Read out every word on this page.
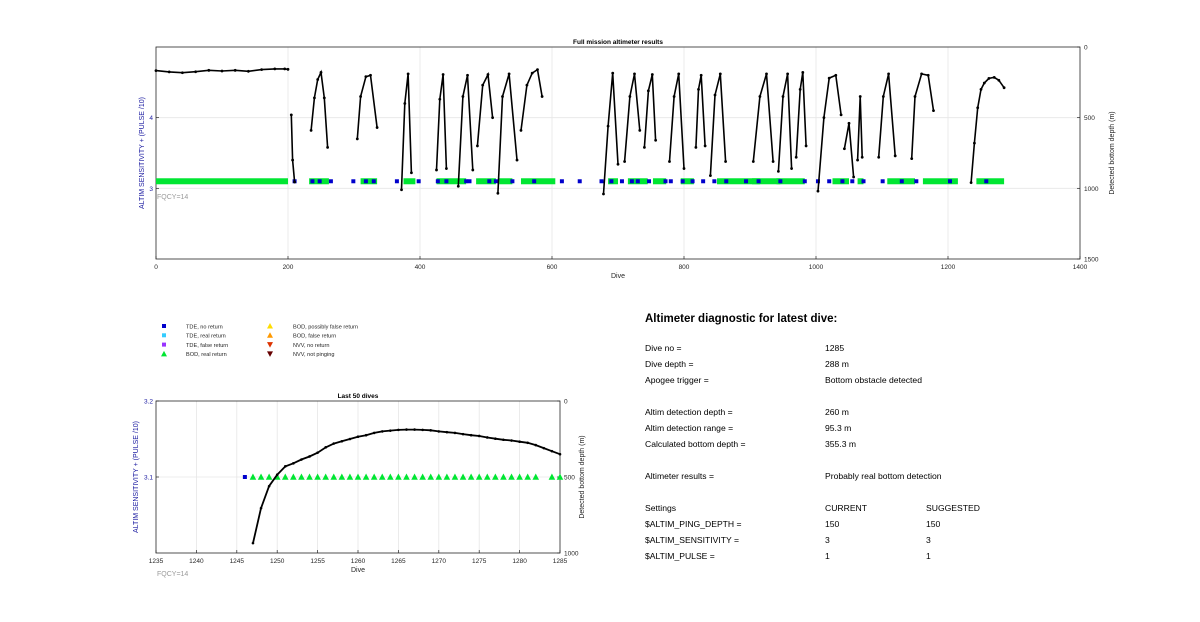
0	200	400	600	800	1000	1200	1400
3
4
0
500
1000
1500
Full mission altimeter results
Dive
ALTIM SENSITIVITY + (PULSE /10)	Detected bottom depth (m)
FQCY=14
TDE, no return
TDE, real return
TDE, false return
BOD, real return
BOD, possibly false return
BOD, false return
NVV, no return
NVV, not pinging
1235	1240	1245	1250	1255	1260	1265	1270	1275	1280	1285
3.1
3.2	0
500
1000
Last 50 dives
Dive
ALTIM SENSITIVITY + (PULSE /10)	Detected bottom depth (m)
FQCY=14
Altimeter diagnostic for latest dive:
Dive no =	1285
Dive depth =	288 m
Apogee trigger =	Bottom obstacle detected
Altim detection depth =	260 m
Altim detection range =	95.3 m
Calculated bottom depth =	355.3 m
Altimeter results =	Probably real bottom detection
Settings	CURRENT	SUGGESTED
$ALTIM_PING_DEPTH =	150	150
$ALTIM_SENSITIVITY =	3	3
$ALTIM_PULSE =	1	1
